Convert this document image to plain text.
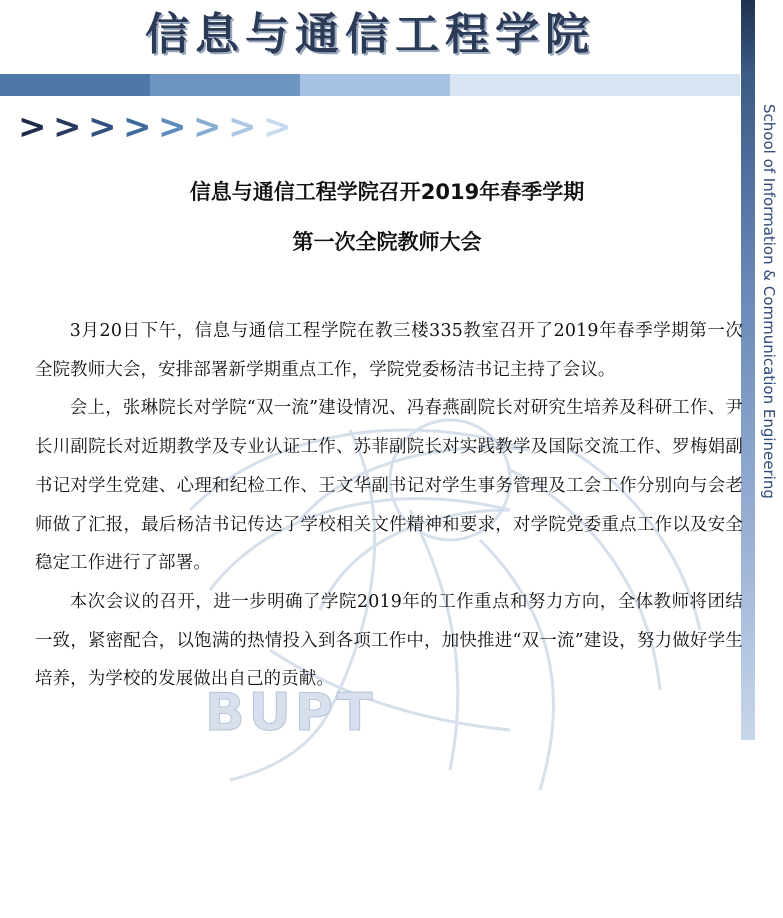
School of Information & Communication Engineering
信息与通信工程学院
> > > > > > > >
BUPT
信息与通信工程学院召开2019年春季学期
第一次全院教师大会

3月20日下午，信息与通信工程学院在教三楼335教室召开了2019年春季学期第一次全院教师大会，安排部署新学期重点工作，学院党委杨洁书记主持了会议。

会上，张琳院长对学院“双一流”建设情况、冯春燕副院长对研究生培养及科研工作、尹长川副院长对近期教学及专业认证工作、苏菲副院长对实践教学及国际交流工作、罗梅娟副书记对学生党建、心理和纪检工作、王文华副书记对学生事务管理及工会工作分别向与会老师做了汇报，最后杨洁书记传达了学校相关文件精神和要求，对学院党委重点工作以及安全稳定工作进行了部署。

本次会议的召开，进一步明确了学院2019年的工作重点和努力方向，全体教师将团结一致，紧密配合，以饱满的热情投入到各项工作中，加快推进“双一流”建设，努力做好学生培养，为学校的发展做出自己的贡献。
